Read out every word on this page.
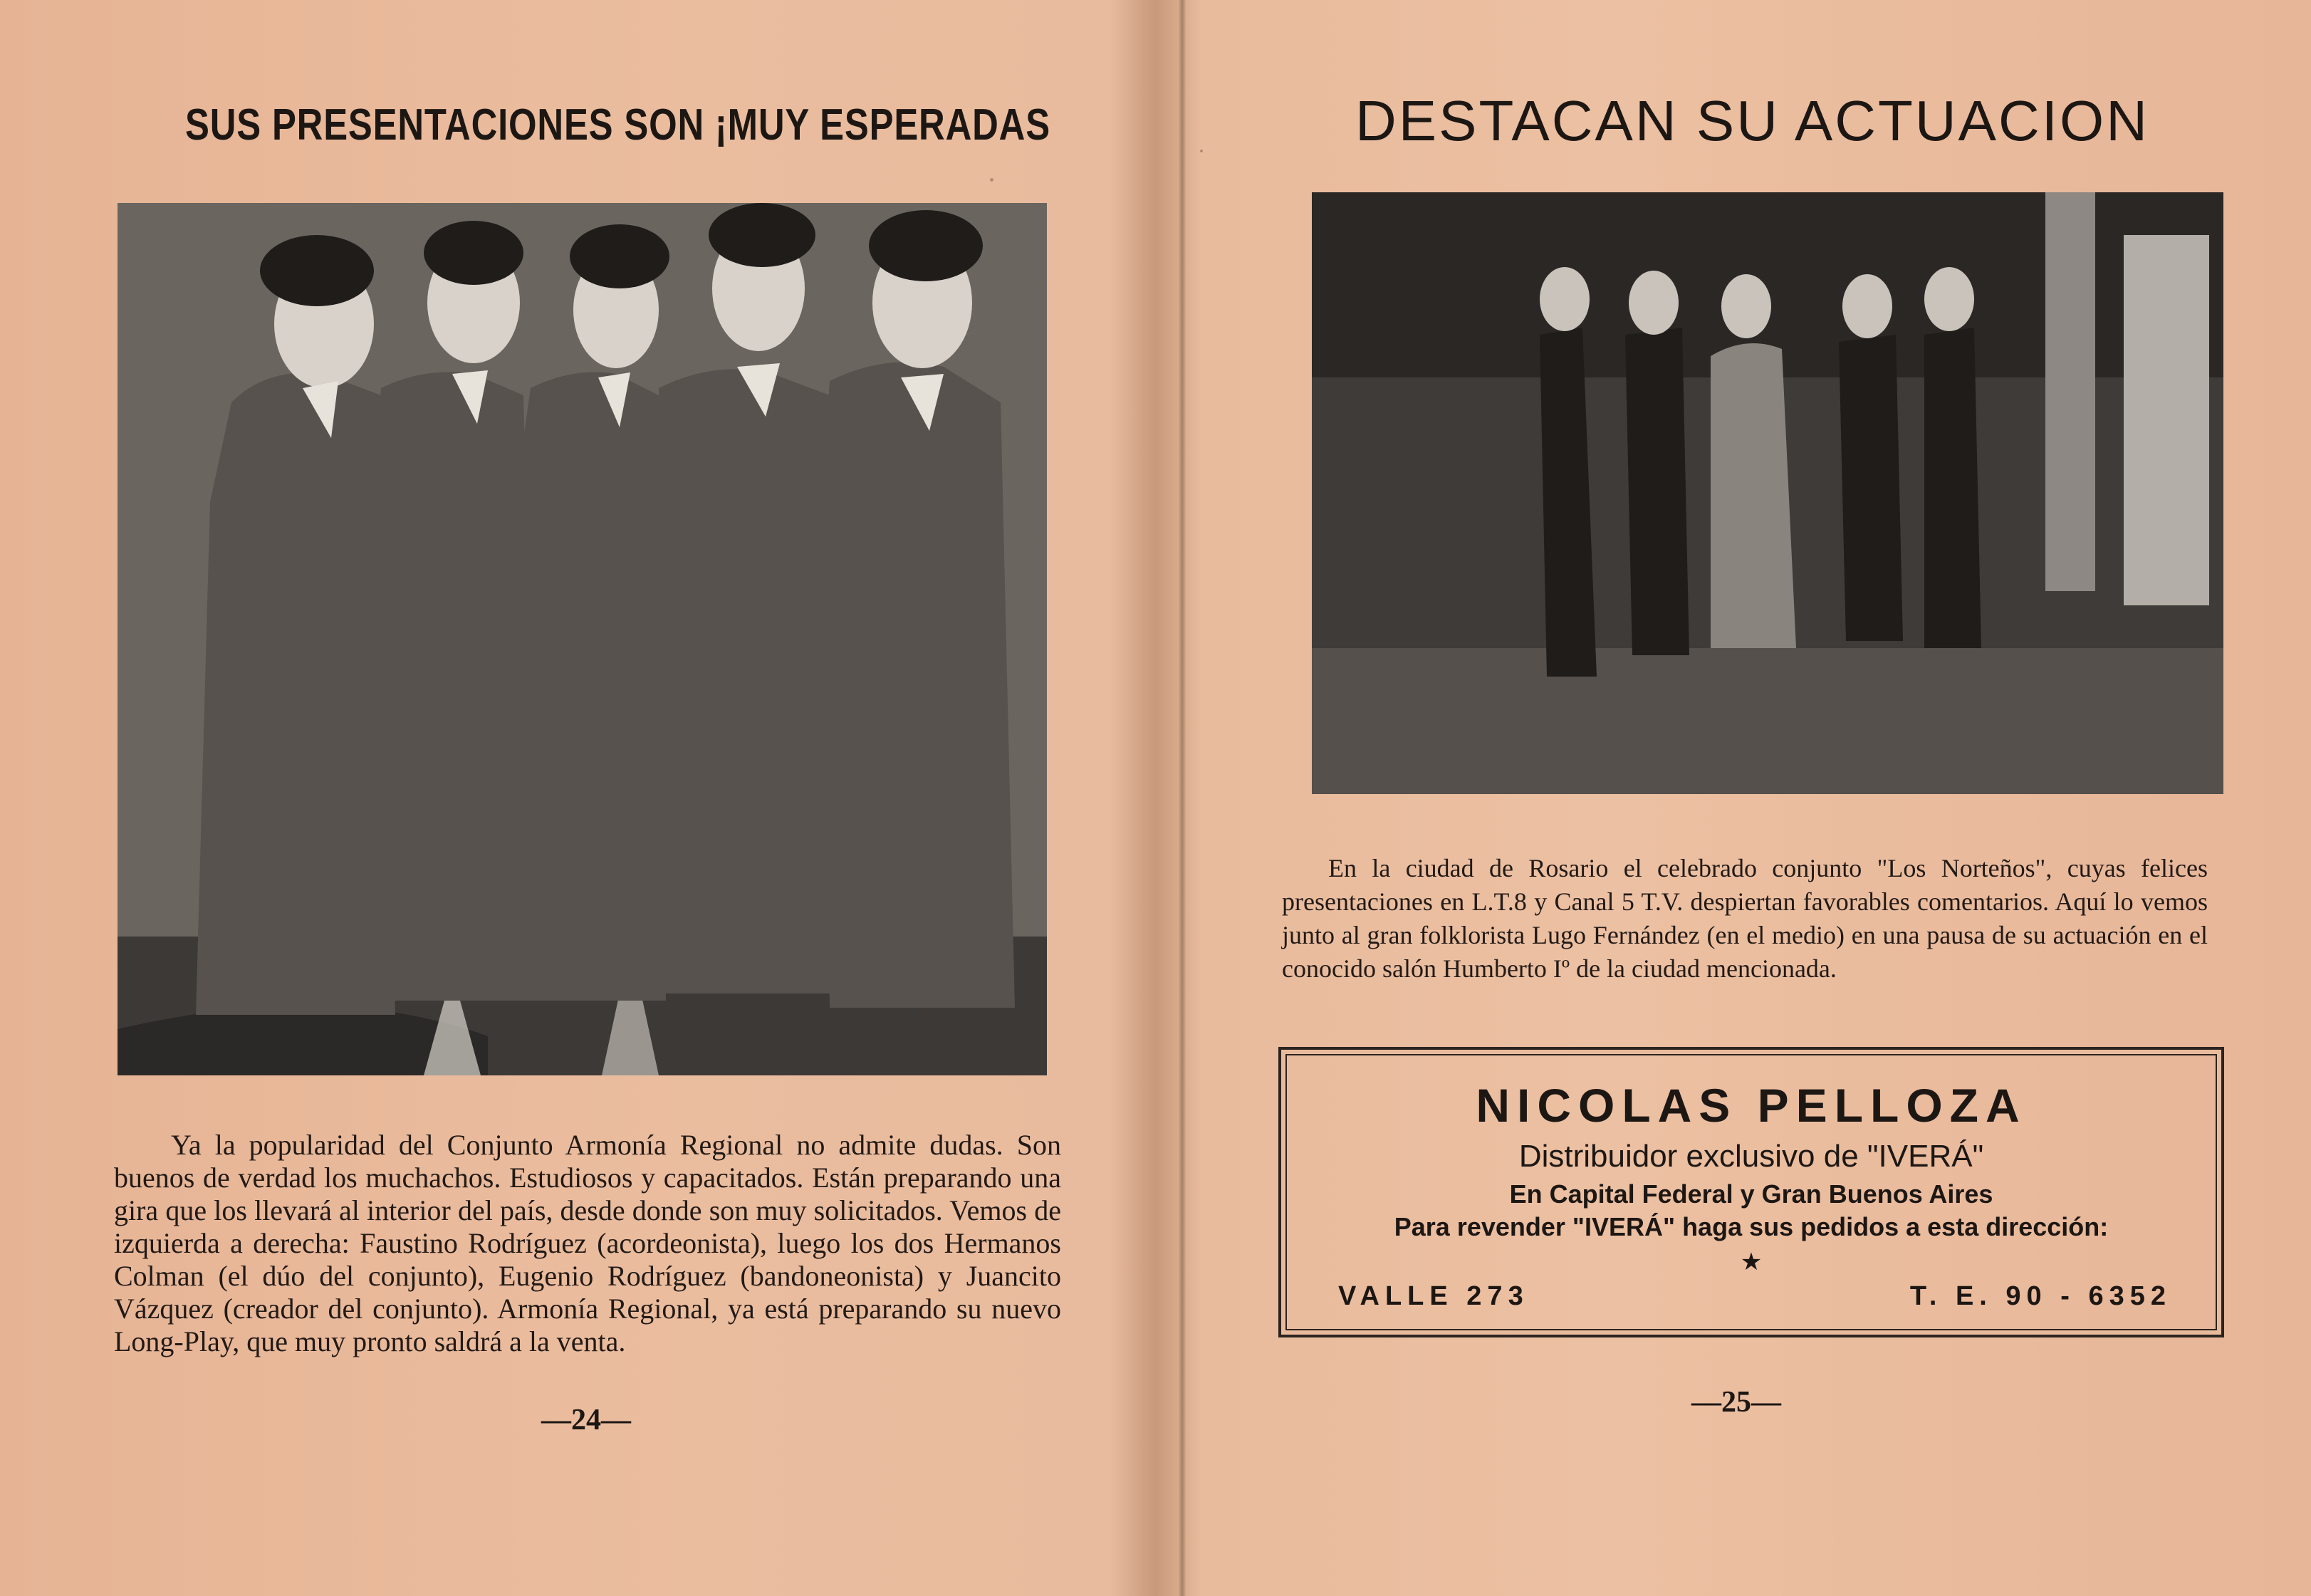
SUS PRESENTACIONES SON ¡MUY ESPERADAS

Ya la popularidad del Conjunto Armonía Regional no admite dudas. Son buenos de verdad los muchachos. Estudiosos y capacitados. Están preparando una gira que los llevará al interior del país, desde donde son muy solicitados. Vemos de izquierda a derecha: Faustino Rodríguez (acordeonista), luego los dos Hermanos Colman (el dúo del conjunto), Eugenio Rodríguez (bandoneonista) y Juancito Vázquez (creador del conjunto). Armonía Regional, ya está preparando su nuevo Long-Play, que muy pronto saldrá a la venta.

—24—
DESTACAN SU ACTUACION

En la ciudad de Rosario el celebrado conjunto "Los Norteños", cuyas felices presentaciones en L.T.8 y Canal 5 T.V. despiertan favorables comentarios. Aquí lo vemos junto al gran folklorista Lugo Fernández (en el medio) en una pausa de su actuación en el conocido salón Humberto Iº de la ciudad mencionada.

NICOLAS PELLOZA
Distribuidor exclusivo de "IVERÁ"
En Capital Federal y Gran Buenos Aires
Para revender "IVERÁ" haga sus pedidos a esta dirección:
★
VALLE 273	T. E. 90 - 6352
—25—
